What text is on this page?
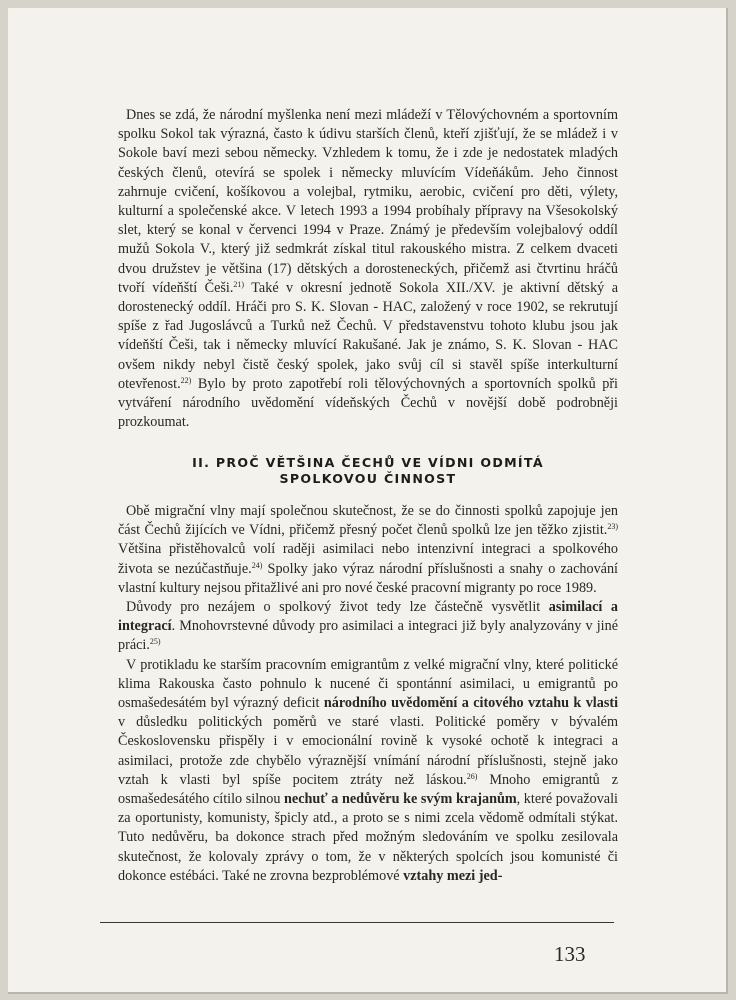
Dnes se zdá, že národní myšlenka není mezi mládeží v Tělovýchovném a sportovním spolku Sokol tak výrazná, často k údivu starších členů, kteří zjišťují, že se mládež i v Sokole baví mezi sebou německy. Vzhledem k tomu, že i zde je nedostatek mladých českých členů, otevírá se spolek i německy mluvícím Vídeňákům. Jeho činnost zahrnuje cvičení, košíkovou a volejbal, rytmiku, aerobic, cvičení pro děti, výlety, kulturní a společenské akce. V letech 1993 a 1994 probíhaly přípravy na Všesokolský slet, který se konal v červenci 1994 v Praze. Známý je především volejbalový oddíl mužů Sokola V., který již sedmkrát získal titul rakouského mistra. Z celkem dvaceti dvou družstev je většina (17) dětských a dorosteneckých, přičemž asi čtvrtinu hráčů tvoří vídeňští Češi.$^{21)}$ Také v okresní jednotě Sokola XII./XV. je aktivní dětský a dorostenecký oddíl. Hráči pro S. K. Slovan - HAC, založený v roce 1902, se rekrutují spíše z řad Jugoslávců a Turků než Čechů. V představenstvu tohoto klubu jsou jak vídeňští Češi, tak i německy mluvící Rakušané. Jak je známo, S. K. Slovan - HAC ovšem nikdy nebyl čistě český spolek, jako svůj cíl si stavěl spíše interkulturní otevřenost.$^{22)}$ Bylo by proto zapotřebí roli tělovýchovných a sportovních spolků při vytváření národního uvědomění vídeňských Čechů v novější době podrobněji prozkoumat.
II. PROČ VĚTŠINA ČECHŮ VE VÍDNI ODMÍTÁ
SPOLKOVOU ČINNOST

Obě migrační vlny mají společnou skutečnost, že se do činnosti spolků zapojuje jen část Čechů žijících ve Vídni, přičemž přesný počet členů spolků lze jen těžko zjistit.$^{23)}$ Většina přistěhovalců volí raději asimilaci nebo intenzivní integraci a spolkového života se nezúčastňuje.$^{24)}$ Spolky jako výraz národní příslušnosti a snahy o zachování vlastní kultury nejsou přitažlivé ani pro nové české pracovní migranty po roce 1989.

Důvody pro nezájem o spolkový život tedy lze částečně vysvětlit asimilací a integrací. Mnohovrstevné důvody pro asimilaci a integraci již byly analyzovány v jiné práci.$^{25)}$

V protikladu ke starším pracovním emigrantům z velké migrační vlny, které politické klima Rakouska často pohnulo k nucené či spontánní asimilaci, u emigrantů po osmašedesátém byl výrazný deficit národního uvědomění a citového vztahu k vlasti v důsledku politických poměrů ve staré vlasti. Politické poměry v bývalém Československu přispěly i v emocionální rovině k vysoké ochotě k integraci a asimilaci, protože zde chybělo výraznější vnímání národní příslušnosti, stejně jako vztah k vlasti byl spíše pocitem ztráty než láskou.$^{26)}$ Mnoho emigrantů z osmašedesátého cítilo silnou nechuť a nedůvěru ke svým krajanům, které považovali za oportunisty, komunisty, špicly atd., a proto se s nimi zcela vědomě odmítali stýkat. Tuto nedůvěru, ba dokonce strach před možným sledováním ve spolku zesilovala skutečnost, že kolovaly zprávy o tom, že v některých spolcích jsou komunisté či dokonce estébáci. Také ne zrovna bezproblémové vztahy mezi jed-

133
